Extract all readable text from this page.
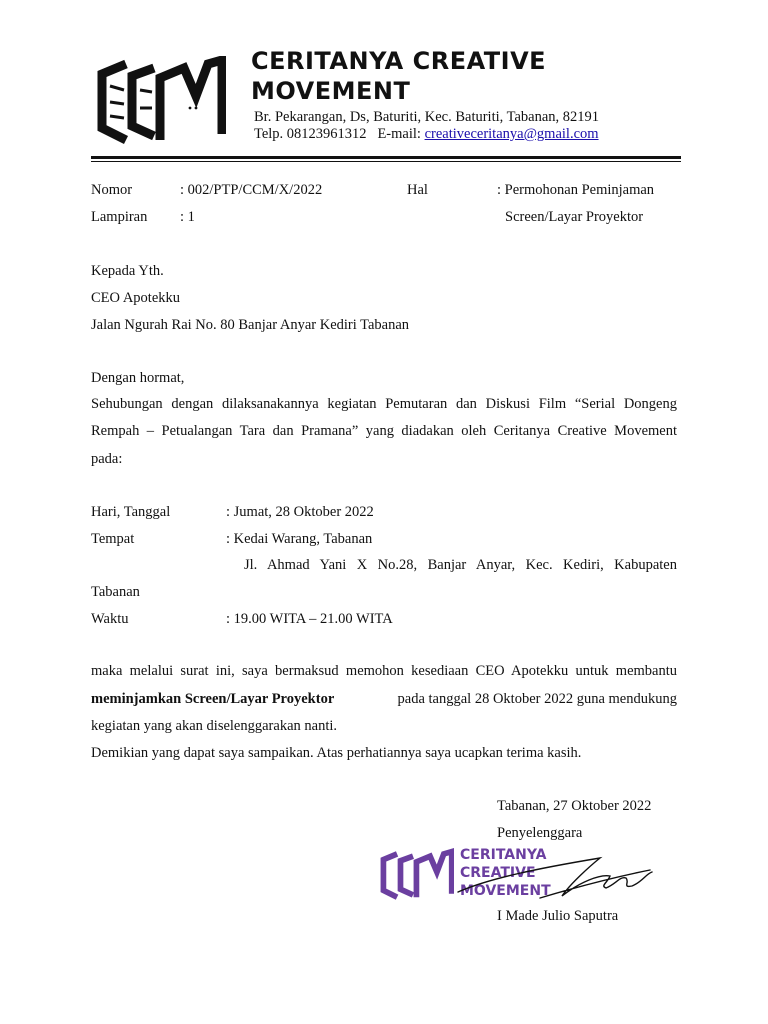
CERITANYA CREATIVE
MOVEMENT
Br. Pekarangan, Ds, Baturiti, Kec. Baturiti, Tabanan, 82191
Telp. 08123961312 E-mail: creativeceritanya@gmail.com
Nomor	: 002/PTP/CCM/X/2022
Lampiran : 1
Hal	: Permohonan Peminjaman
Screen/Layar Proyektor
Kepada Yth.
CEO Apotekku
Jalan Ngurah Rai No. 80 Banjar Anyar Kediri Tabanan
Dengan hormat,
Sehubungan dengan dilaksanakannya kegiatan Pemutaran dan Diskusi Film “Serial Dongeng
Rempah – Petualangan Tara dan Pramana” yang diadakan oleh Ceritanya Creative Movement
pada:
Hari, Tanggal	: Jumat, 28 Oktober 2022
Tempat	: Kedai Warang, Tabanan
Jl. Ahmad Yani X No.28, Banjar Anyar, Kec. Kediri, Kabupaten
Tabanan
Waktu	: 19.00 WITA – 21.00 WITA
maka melalui surat ini, saya bermaksud memohon kesediaan CEO Apotekku untuk membantu
meminjamkan Screen/Layar Proyektor	pada tanggal 28 Oktober 2022 guna mendukung
kegiatan yang akan diselenggarakan nanti.
Demikian yang dapat saya sampaikan. Atas perhatiannya saya ucapkan terima kasih.
Tabanan, 27 Oktober 2022
Penyelenggara
CERITANYA
CREATIVE
MOVEMENT
I Made Julio Saputra
